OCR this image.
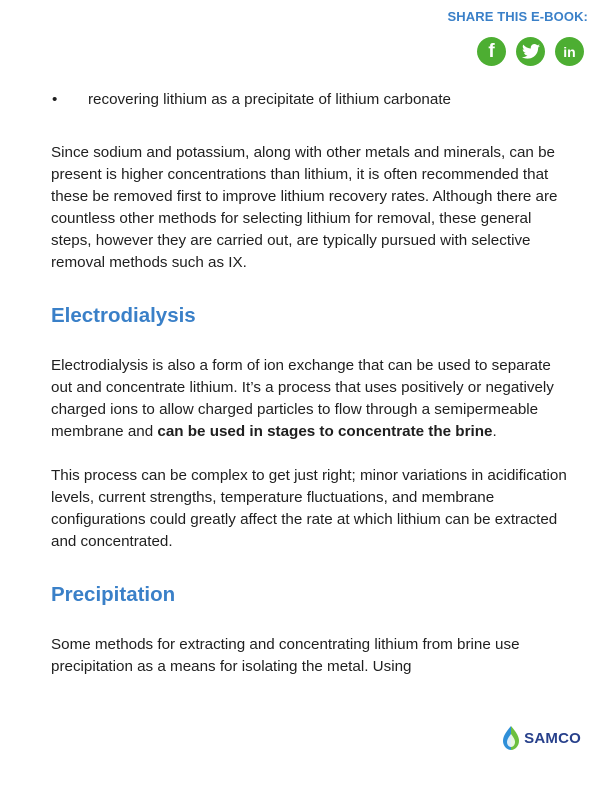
SHARE THIS E-BOOK:
f	in
•	recovering lithium as a precipitate of lithium carbonate

Since sodium and potassium, along with other metals and minerals, can be present is higher concentrations than lithium, it is often recommended that these be removed first to improve lithium recovery rates. Although there are countless other methods for selecting lithium for removal, these general steps, however they are carried out, are typically pursued with selective removal methods such as IX.

Electrodialysis

Electrodialysis is also a form of ion exchange that can be used to separate out and concentrate lithium. It’s a process that uses positively or negatively charged ions to allow charged particles to flow through a semipermeable membrane and can be used in stages to concentrate the brine.

This process can be complex to get just right; minor variations in acidification levels, current strengths, temperature fluctuations, and membrane configurations could greatly affect the rate at which lithium can be extracted and concentrated.

Precipitation

Some methods for extracting and concentrating lithium from brine use precipitation as a means for isolating the metal. Using

SAMCO
